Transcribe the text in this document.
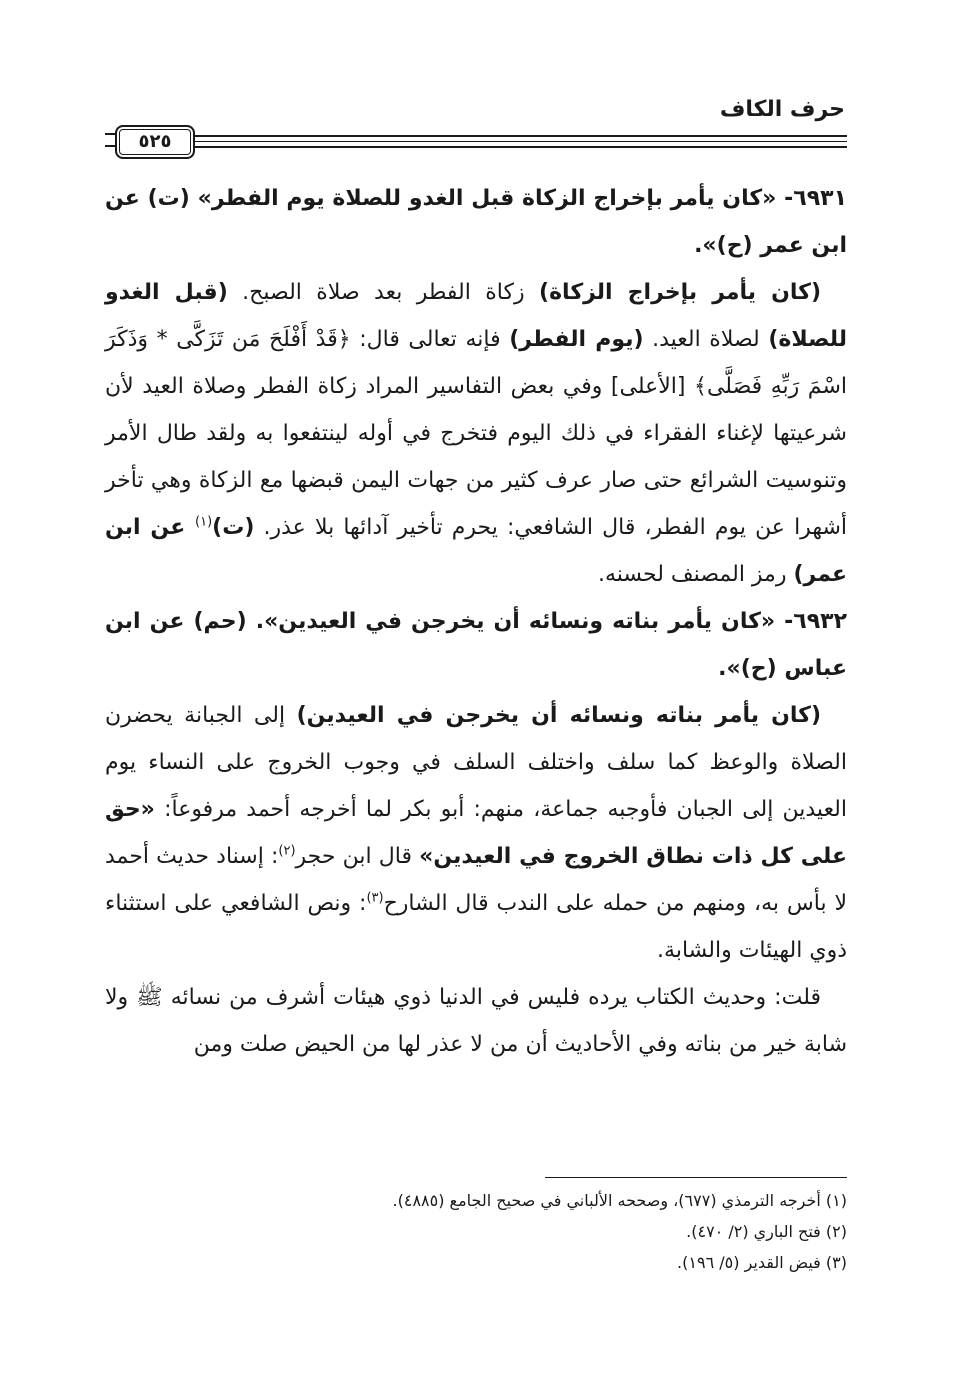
حرف الكاف
٥٢٥

٦٩٣١- «كان يأمر بإخراج الزكاة قبل الغدو للصلاة يوم الفطر» (ت) عن ابن عمر (ح)».

(كان يأمر بإخراج الزكاة) زكاة الفطر بعد صلاة الصبح. (قبل الغدو للصلاة) لصلاة العيد. (يوم الفطر) فإنه تعالى قال: ﴿قَدْ أَفْلَحَ مَن تَزَكَّى * وَذَكَرَ اسْمَ رَبِّهِ فَصَلَّى﴾ [الأعلى] وفي بعض التفاسير المراد زكاة الفطر وصلاة العيد لأن شرعيتها لإغناء الفقراء في ذلك اليوم فتخرج في أوله لينتفعوا به ولقد طال الأمر وتنوسيت الشرائع حتى صار عرف كثير من جهات اليمن قبضها مع الزكاة وهي تأخر أشهرا عن يوم الفطر، قال الشافعي: يحرم تأخير آدائها بلا عذر. (ت)$^{(١)}$ عن ابن عمر) رمز المصنف لحسنه.

٦٩٣٢- «كان يأمر بناته ونسائه أن يخرجن في العيدين». (حم) عن ابن عباس (ح)».

(كان يأمر بناته ونسائه أن يخرجن في العيدين) إلى الجبانة يحضرن الصلاة والوعظ كما سلف واختلف السلف في وجوب الخروج على النساء يوم العيدين إلى الجبان فأوجبه جماعة، منهم: أبو بكر لما أخرجه أحمد مرفوعاً: «حق على كل ذات نطاق الخروج في العيدين» قال ابن حجر$^{(٢)}$: إسناد حديث أحمد لا بأس به، ومنهم من حمله على الندب قال الشارح$^{(٣)}$: ونص الشافعي على استثناء ذوي الهيئات والشابة.

قلت: وحديث الكتاب يرده فليس في الدنيا ذوي هيئات أشرف من نسائه ﷺ ولا شابة خير من بناته وفي الأحاديث أن من لا عذر لها من الحيض صلت ومن

(١) أخرجه الترمذي (٦٧٧)، وصححه الألباني في صحيح الجامع (٤٨٨٥).

(٢) فتح الباري (٢/ ٤٧٠).

(٣) فيض القدير (٥/ ١٩٦).
